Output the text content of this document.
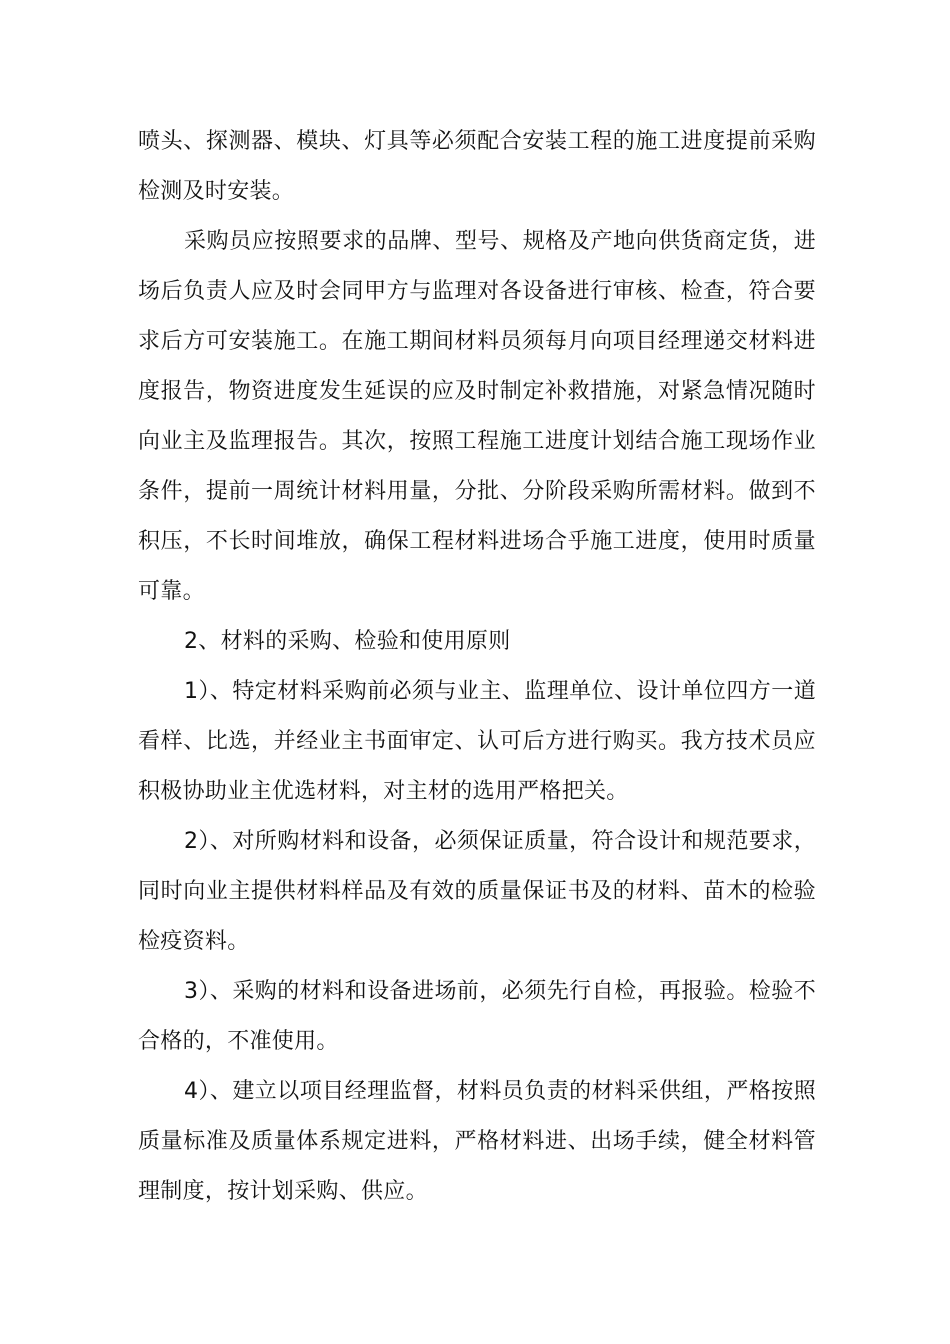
喷头、探测器、模块、灯具等必须配合安装工程的施工进度提前采购检测及时安装。

采购员应按照要求的品牌、型号、规格及产地向供货商定货，进场后负责人应及时会同甲方与监理对各设备进行审核、检查，符合要求后方可安装施工。在施工期间材料员须每月向项目经理递交材料进度报告，物资进度发生延误的应及时制定补救措施，对紧急情况随时向业主及监理报告。其次，按照工程施工进度计划结合施工现场作业条件，提前一周统计材料用量，分批、分阶段采购所需材料。做到不积压，不长时间堆放，确保工程材料进场合乎施工进度，使用时质量可靠。

2、材料的采购、检验和使用原则

1）、特定材料采购前必须与业主、监理单位、设计单位四方一道看样、比选，并经业主书面审定、认可后方进行购买。我方技术员应积极协助业主优选材料，对主材的选用严格把关。

2）、对所购材料和设备，必须保证质量，符合设计和规范要求，同时向业主提供材料样品及有效的质量保证书及的材料、苗木的检验检疫资料。

3）、采购的材料和设备进场前，必须先行自检，再报验。检验不合格的，不准使用。

4）、建立以项目经理监督，材料员负责的材料采供组，严格按照质量标准及质量体系规定进料，严格材料进、出场手续，健全材料管理制度，按计划采购、供应。
